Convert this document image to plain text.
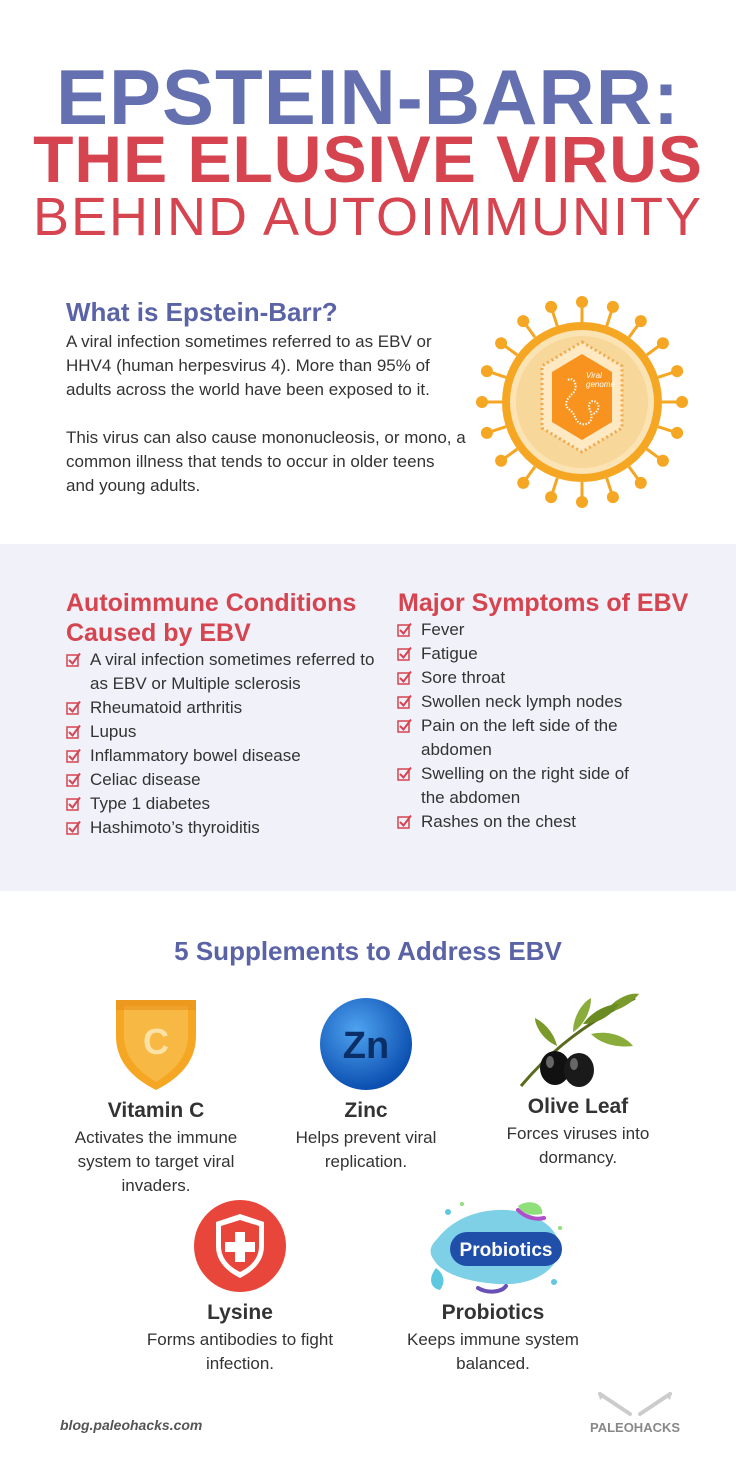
EPSTEIN-BARR:
THE ELUSIVE VIRUS
BEHIND AUTOIMMUNITY
What is Epstein-Barr?

A viral infection sometimes referred to as EBV or HHV4 (human herpesvirus 4). More than 95% of adults across the world have been exposed to it.

This virus can also cause mononucleosis, or mono, a common illness that tends to occur in older teens and young adults.

Viral
genome
Autoimmune Conditions
Caused by EBV
A viral infection sometimes referred to as EBV or Multiple sclerosis
Rheumatoid arthritis
Lupus
Inflammatory bowel disease
Celiac disease
Type 1 diabetes
Hashimoto’s thyroiditis
Major Symptoms of EBV
Fever
Fatigue
Sore throat
Swollen neck lymph nodes
Pain on the left side of the abdomen
Swelling on the right side of the abdomen
Rashes on the chest
5 Supplements to Address EBV
C
Vitamin C
Activates the immune system to target viral invaders.
Zn
Zinc
Helps prevent viral replication.
Olive Leaf
Forces viruses into dormancy.
Lysine
Forms antibodies to fight infection.
Probiotics
Probiotics
Keeps immune system balanced.
blog.paleohacks.com	PALEOHACKS
